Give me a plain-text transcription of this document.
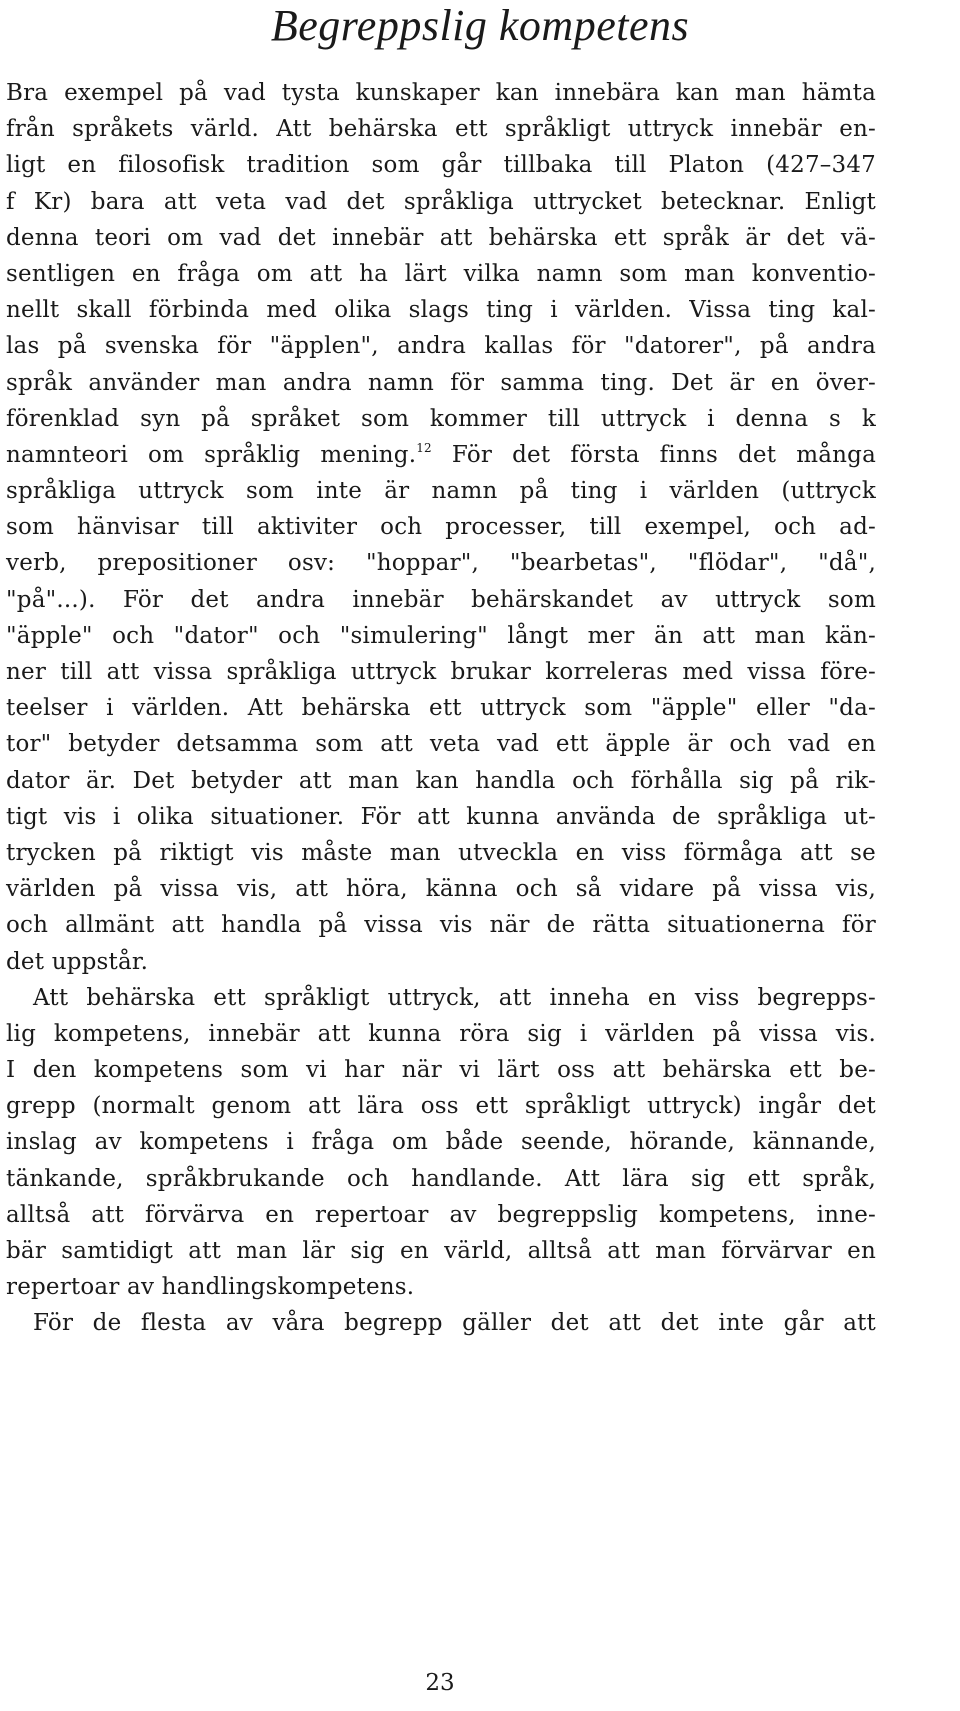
Begreppslig kompetens
Bra exempel på vad tysta kunskaper kan innebära kan man hämta
från språkets värld. Att behärska ett språkligt uttryck innebär en-
ligt en filosofisk tradition som går tillbaka till Platon (427–347
f Kr) bara att veta vad det språkliga uttrycket betecknar. Enligt
denna teori om vad det innebär att behärska ett språk är det vä-
sentligen en fråga om att ha lärt vilka namn som man konventio-
nellt skall förbinda med olika slags ting i världen. Vissa ting kal-
las på svenska för "äpplen", andra kallas för "datorer", på andra
språk använder man andra namn för samma ting. Det är en över-
förenklad syn på språket som kommer till uttryck i denna s k
namnteori om språklig mening.$^{12}$ För det första finns det många
språkliga uttryck som inte är namn på ting i världen (uttryck
som hänvisar till aktiviter och processer, till exempel, och ad-
verb, prepositioner osv: "hoppar", "bearbetas", "flödar", "då",
"på"...). För det andra innebär behärskandet av uttryck som
"äpple" och "dator" och "simulering" långt mer än att man kän-
ner till att vissa språkliga uttryck brukar korreleras med vissa före-
teelser i världen. Att behärska ett uttryck som "äpple" eller "da-
tor" betyder detsamma som att veta vad ett äpple är och vad en
dator är. Det betyder att man kan handla och förhålla sig på rik-
tigt vis i olika situationer. För att kunna använda de språkliga ut-
trycken på riktigt vis måste man utveckla en viss förmåga att se
världen på vissa vis, att höra, känna och så vidare på vissa vis,
och allmänt att handla på vissa vis när de rätta situationerna för
det uppstår.
Att behärska ett språkligt uttryck, att inneha en viss begrepps-
lig kompetens, innebär att kunna röra sig i världen på vissa vis.
I den kompetens som vi har när vi lärt oss att behärska ett be-
grepp (normalt genom att lära oss ett språkligt uttryck) ingår det
inslag av kompetens i fråga om både seende, hörande, kännande,
tänkande, språkbrukande och handlande. Att lära sig ett språk,
alltså att förvärva en repertoar av begreppslig kompetens, inne-
bär samtidigt att man lär sig en värld, alltså att man förvärvar en
repertoar av handlingskompetens.
För de flesta av våra begrepp gäller det att det inte går att
23
